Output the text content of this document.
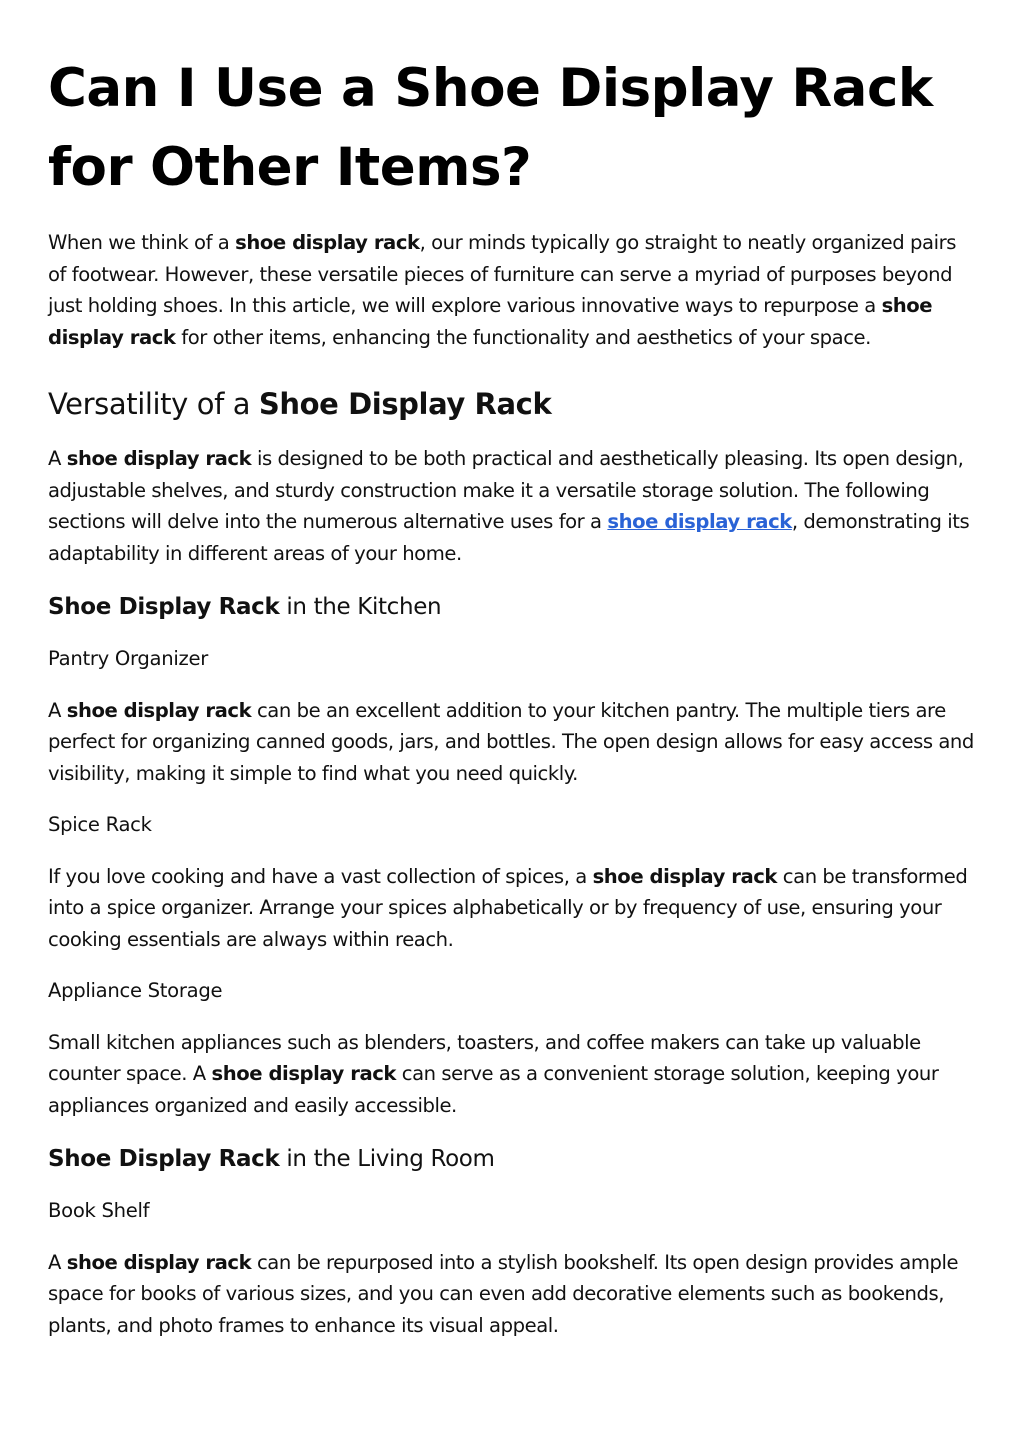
Can I Use a Shoe Display Rack for Other Items?

When we think of a shoe display rack, our minds typically go straight to neatly organized pairs of footwear. However, these versatile pieces of furniture can serve a myriad of purposes beyond just holding shoes. In this article, we will explore various innovative ways to repurpose a shoe display rack for other items, enhancing the functionality and aesthetics of your space.

Versatility of a Shoe Display Rack

A shoe display rack is designed to be both practical and aesthetically pleasing. Its open design, adjustable shelves, and sturdy construction make it a versatile storage solution. The following sections will delve into the numerous alternative uses for a shoe display rack, demonstrating its adaptability in different areas of your home.

Shoe Display Rack in the Kitchen
Pantry Organizer

A shoe display rack can be an excellent addition to your kitchen pantry. The multiple tiers are perfect for organizing canned goods, jars, and bottles. The open design allows for easy access and visibility, making it simple to find what you need quickly.

Spice Rack

If you love cooking and have a vast collection of spices, a shoe display rack can be transformed into a spice organizer. Arrange your spices alphabetically or by frequency of use, ensuring your cooking essentials are always within reach.

Appliance Storage

Small kitchen appliances such as blenders, toasters, and coffee makers can take up valuable counter space. A shoe display rack can serve as a convenient storage solution, keeping your appliances organized and easily accessible.

Shoe Display Rack in the Living Room
Book Shelf

A shoe display rack can be repurposed into a stylish bookshelf. Its open design provides ample space for books of various sizes, and you can even add decorative elements such as bookends, plants, and photo frames to enhance its visual appeal.
